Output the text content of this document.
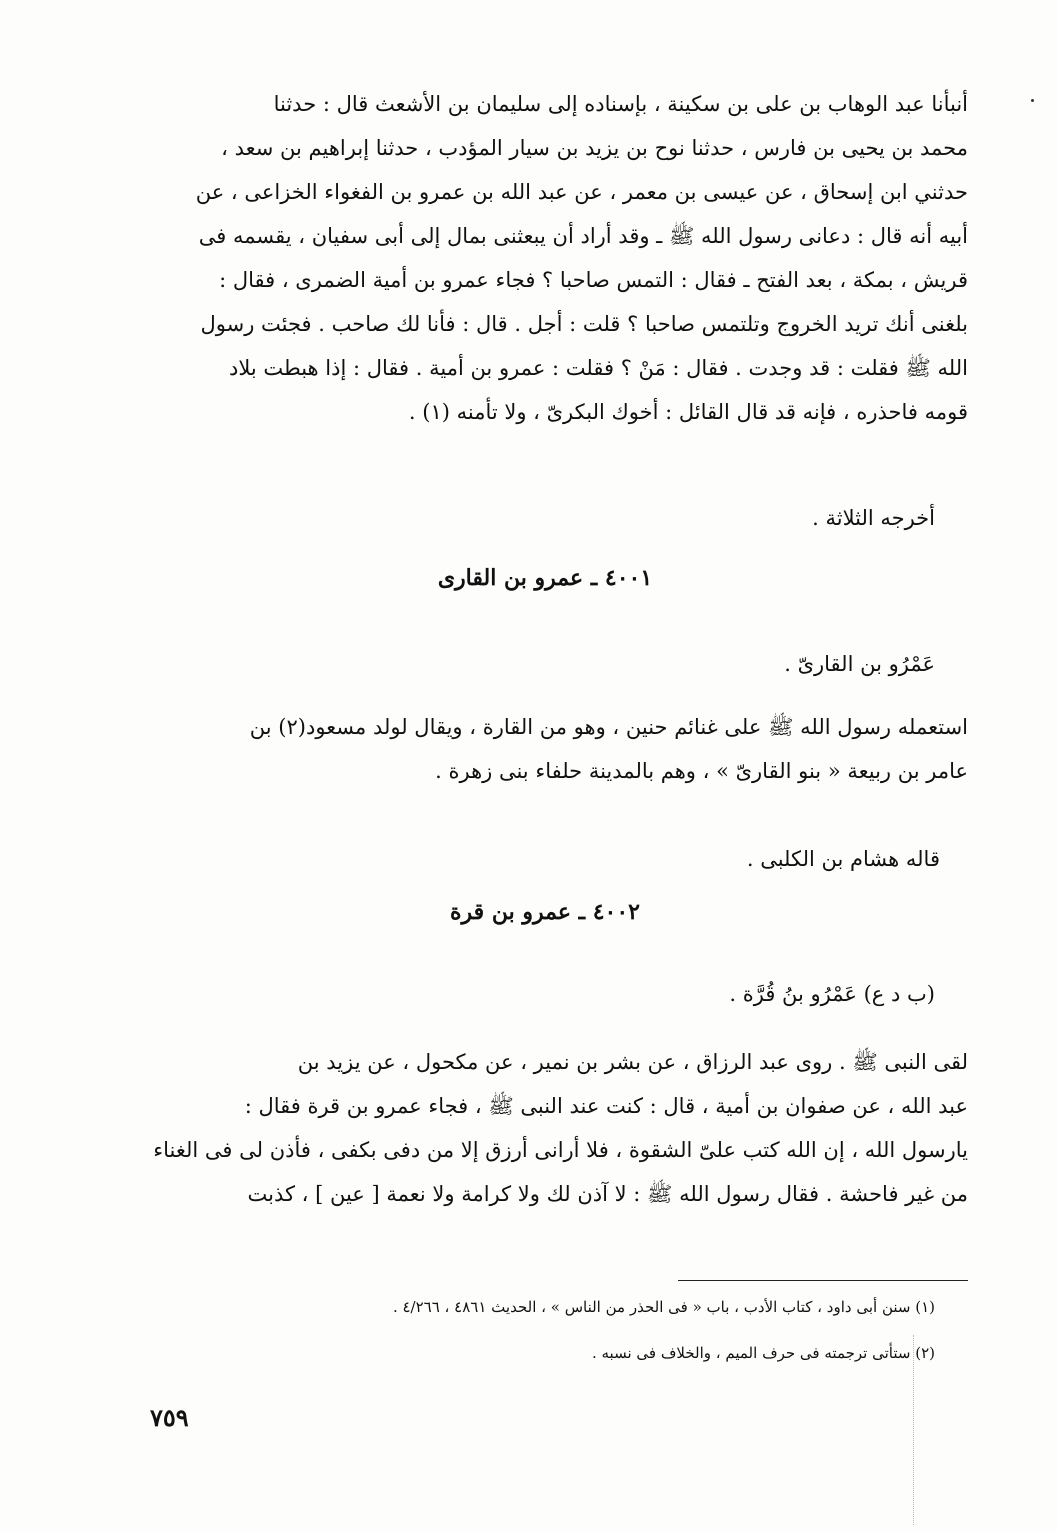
أنبأنا عبد الوهاب بن على بن سكينة ، بإسناده إلى سليمان بن الأشعث قال : حدثنا
محمد بن يحيى بن فارس ، حدثنا نوح بن يزيد بن سيار المؤدب ، حدثنا إبراهيم بن سعد ،
حدثني ابن إسحاق ، عن عيسى بن معمر ، عن عبد الله بن عمرو بن الفغواء الخزاعى ، عن
أبيه أنه قال : دعانى رسول الله ﷺ ـ وقد أراد أن يبعثنى بمال إلى أبى سفيان ، يقسمه فى
قريش ، بمكة ، بعد الفتح ـ فقال : التمس صاحبا ؟ فجاء عمرو بن أمية الضمرى ، فقال :
بلغنى أنك تريد الخروج وتلتمس صاحبا ؟ قلت : أجل . قال : فأنا لك صاحب . فجئت رسول
الله ﷺ فقلت : قد وجدت . فقال : مَنْ ؟ فقلت : عمرو بن أمية . فقال : إذا هبطت بلاد
قومه فاحذره ، فإنه قد قال القائل : أخوك البكرىّ ، ولا تأمنه (١) .
أخرجه الثلاثة .
٤٠٠١ ـ عمرو بن القارى
عَمْرُو بن القارىّ .
استعمله رسول الله ﷺ على غنائم حنين ، وهو من القارة ، ويقال لولد مسعود(٢) بن
عامر بن ربيعة « بنو القارىّ » ، وهم بالمدينة حلفاء بنى زهرة .
قاله هشام بن الكلبى .
٤٠٠٢ ـ عمرو بن قرة
(ب د ع) عَمْرُو بنُ قُرَّة .
لقى النبى ﷺ . روى عبد الرزاق ، عن بشر بن نمير ، عن مكحول ، عن يزيد بن
عبد الله ، عن صفوان بن أمية ، قال : كنت عند النبى ﷺ ، فجاء عمرو بن قرة فقال :
يارسول الله ، إن الله كتب علىّ الشقوة ، فلا أرانى أرزق إلا من دفى بكفى ، فأذن لى فى الغناء
من غير فاحشة . فقال رسول الله ﷺ : لا آذن لك ولا كرامة ولا نعمة [ عين ] ، كذبت
(١) سنن أبى داود ، كتاب الأدب ، باب « فى الحذر من الناس » ، الحديث ٤٨٦١ ، ٤/٢٦٦ .
(٢) ستأتى ترجمته فى حرف الميم ، والخلاف فى نسبه .
٧٥٩
